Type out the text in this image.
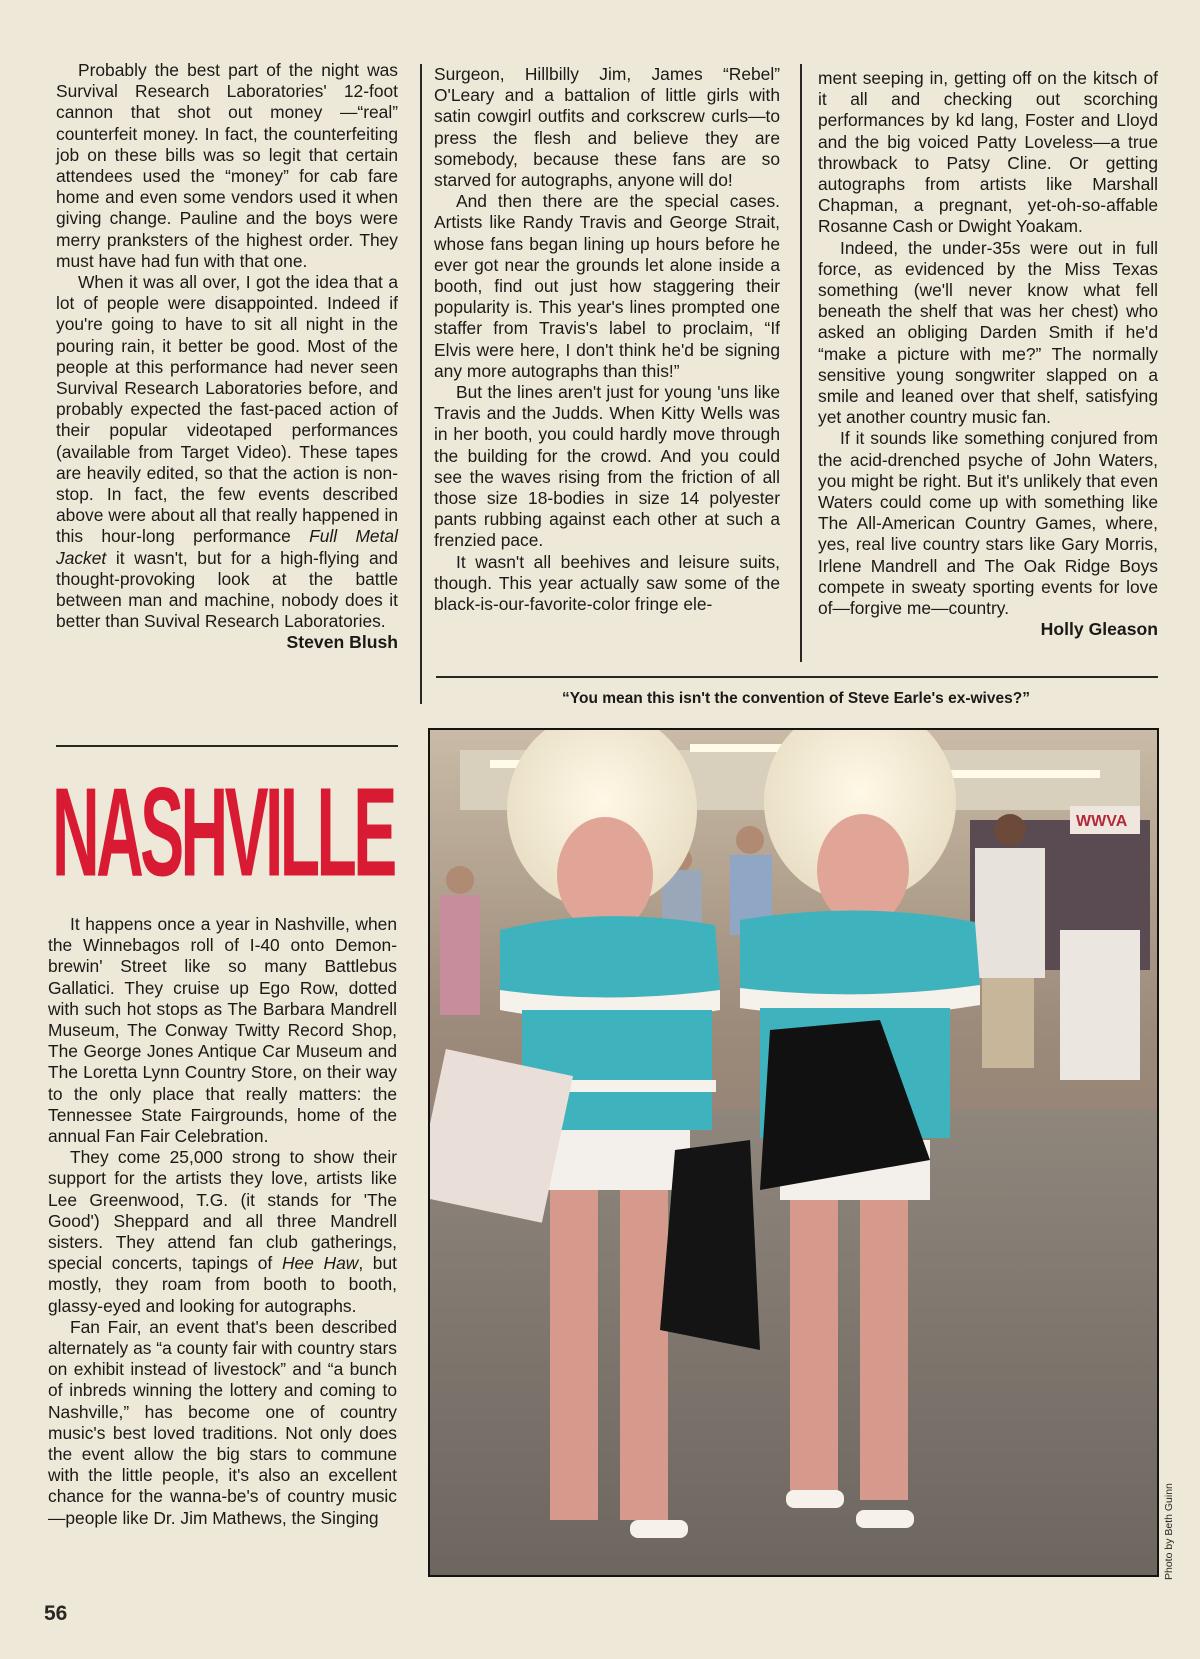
Probably the best part of the night was Survival Research Laboratories' 12-foot cannon that shot out money —“real” counterfeit money. In fact, the counterfeiting job on these bills was so legit that certain attendees used the “money” for cab fare home and even some vendors used it when giving change. Pauline and the boys were merry pranksters of the highest order. They must have had fun with that one.

When it was all over, I got the idea that a lot of people were disappointed. Indeed if you're going to have to sit all night in the pouring rain, it better be good. Most of the people at this performance had never seen Survival Research Laboratories before, and probably expected the fast-paced action of their popular videotaped performances (available from Target Video). These tapes are heavily edited, so that the action is non-stop. In fact, the few events described above were about all that really happened in this hour-long performance Full Metal Jacket it wasn't, but for a high-flying and thought-provoking look at the battle between man and machine, nobody does it better than Suvival Research Laboratories.

Steven Blush

NASHVILLE

It happens once a year in Nashville, when the Winnebagos roll of I-40 onto Demon-brewin' Street like so many Battlebus Gallatici. They cruise up Ego Row, dotted with such hot stops as The Barbara Mandrell Museum, The Conway Twitty Record Shop, The George Jones Antique Car Museum and The Loretta Lynn Country Store, on their way to the only place that really matters: the Tennessee State Fairgrounds, home of the annual Fan Fair Celebration.

They come 25,000 strong to show their support for the artists they love, artists like Lee Greenwood, T.G. (it stands for 'The Good') Sheppard and all three Mandrell sisters. They attend fan club gatherings, special concerts, tapings of Hee Haw, but mostly, they roam from booth to booth, glassy-eyed and looking for autographs.

Fan Fair, an event that's been described alternately as “a county fair with country stars on exhibit instead of livestock” and “a bunch of inbreds winning the lottery and coming to Nashville,” has become one of country music's best loved traditions. Not only does the event allow the big stars to commune with the little people, it's also an excellent chance for the wanna-be's of country music—people like Dr. Jim Mathews, the Singing

Surgeon, Hillbilly Jim, James “Rebel” O'Leary and a battalion of little girls with satin cowgirl outfits and corkscrew curls—to press the flesh and believe they are somebody, because these fans are so starved for autographs, anyone will do!

And then there are the special cases. Artists like Randy Travis and George Strait, whose fans began lining up hours before he ever got near the grounds let alone inside a booth, find out just how staggering their popularity is. This year's lines prompted one staffer from Travis's label to proclaim, “If Elvis were here, I don't think he'd be signing any more autographs than this!”

But the lines aren't just for young 'uns like Travis and the Judds. When Kitty Wells was in her booth, you could hardly move through the building for the crowd. And you could see the waves rising from the friction of all those size 18-bodies in size 14 polyester pants rubbing against each other at such a frenzied pace.

It wasn't all beehives and leisure suits, though. This year actually saw some of the black-is-our-favorite-color fringe ele-

ment seeping in, getting off on the kitsch of it all and checking out scorching performances by kd lang, Foster and Lloyd and the big voiced Patty Loveless—a true throwback to Patsy Cline. Or getting autographs from artists like Marshall Chapman, a pregnant, yet-oh-so-affable Rosanne Cash or Dwight Yoakam.

Indeed, the under-35s were out in full force, as evidenced by the Miss Texas something (we'll never know what fell beneath the shelf that was her chest) who asked an obliging Darden Smith if he'd “make a picture with me?” The normally sensitive young songwriter slapped on a smile and leaned over that shelf, satisfying yet another country music fan.

If it sounds like something conjured from the acid-drenched psyche of John Waters, you might be right. But it's unlikely that even Waters could come up with something like The All-American Country Games, where, yes, real live country stars like Gary Morris, Irlene Mandrell and The Oak Ridge Boys compete in sweaty sporting events for love of—forgive me—country.

Holly Gleason

“You mean this isn't the convention of Steve Earle's ex-wives?”
WWVA
Photo by Beth Guinn
56
